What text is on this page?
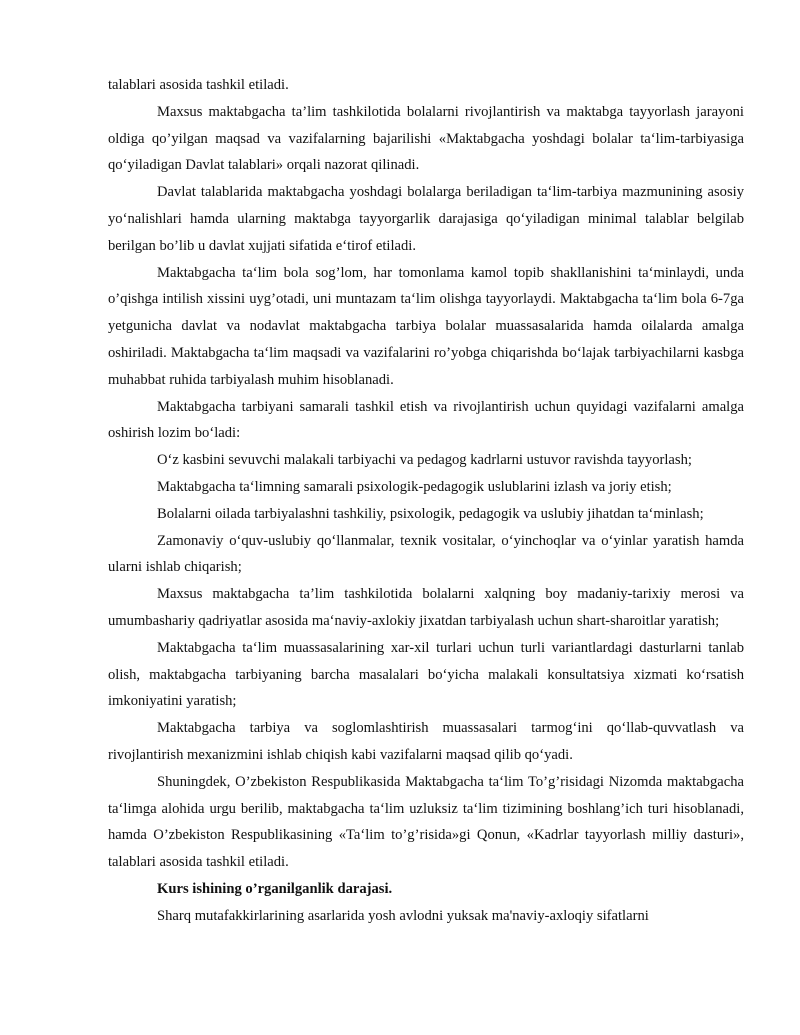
talablari asosida tashkil etiladi.

Maxsus maktabgacha ta’lim tashkilotida bolalarni rivojlantirish va maktabga tayyorlash jarayoni oldiga qo’yilgan maqsad va vazifalarning bajarilishi «Maktabgacha yoshdagi bolalar ta‘lim-tarbiyasiga qo‘yiladigan Davlat talablari» orqali nazorat qilinadi.

Davlat talablarida maktabgacha yoshdagi bolalarga beriladigan ta‘lim-tarbiya mazmunining asosiy yo‘nalishlari hamda ularning maktabga tayyorgarlik darajasiga qo‘yiladigan minimal talablar belgilab berilgan bo’lib u davlat xujjati sifatida e‘tirof etiladi.

Maktabgacha ta‘lim bola sog’lom, har tomonlama kamol topib shakllanishini ta‘minlaydi, unda o’qishga intilish xissini uyg’otadi, uni muntazam ta‘lim olishga tayyorlaydi. Maktabgacha ta‘lim bola 6-7ga yetgunicha davlat va nodavlat maktabgacha tarbiya bolalar muassasalarida hamda oilalarda amalga oshiriladi. Maktabgacha ta‘lim maqsadi va vazifalarini ro’yobga chiqarishda bo‘lajak tarbiyachilarni kasbga muhabbat ruhida tarbiyalash muhim hisoblanadi.

Maktabgacha tarbiyani samarali tashkil etish va rivojlantirish uchun quyidagi vazifalarni amalga oshirish lozim bo‘ladi:

O‘z kasbini sevuvchi malakali tarbiyachi va pedagog kadrlarni ustuvor ravishda tayyorlash;

Maktabgacha ta‘limning samarali psixologik-pedagogik uslublarini izlash va joriy etish;

Bolalarni oilada tarbiyalashni tashkiliy, psixologik, pedagogik va uslubiy jihatdan ta‘minlash;

Zamonaviy o‘quv-uslubiy qo‘llanmalar, texnik vositalar, o‘yinchoqlar va o‘yinlar yaratish hamda ularni ishlab chiqarish;

Maxsus maktabgacha ta’lim tashkilotida bolalarni xalqning boy madaniy-tarixiy merosi va umumbashariy qadriyatlar asosida ma‘naviy-axlokiy jixatdan tarbiyalash uchun shart-sharoitlar yaratish;

Maktabgacha ta‘lim muassasalarining xar-xil turlari uchun turli variantlardagi dasturlarni tanlab olish, maktabgacha tarbiyaning barcha masalalari bo‘yicha malakali konsultatsiya xizmati ko‘rsatish imkoniyatini yaratish;

Maktabgacha tarbiya va soglomlashtirish muassasalari tarmog‘ini qo‘llab-quvvatlash va rivojlantirish mexanizmini ishlab chiqish kabi vazifalarni maqsad qilib qo‘yadi.

Shuningdek, O’zbekiston Respublikasida Maktabgacha ta‘lim To’g’risidagi Nizomda maktabgacha ta‘limga alohida urgu berilib, maktabgacha ta‘lim uzluksiz ta‘lim tizimining boshlang’ich turi hisoblanadi, hamda O’zbekiston Respublikasining «Ta‘lim to’g’risida»gi Qonun, «Kadrlar tayyorlash milliy dasturi», talablari asosida tashkil etiladi.

Kurs ishining o’rganilganlik darajasi.

Sharq mutafakkirlarining asarlarida yosh avlodni yuksak ma'naviy-axloqiy sifatlarni
